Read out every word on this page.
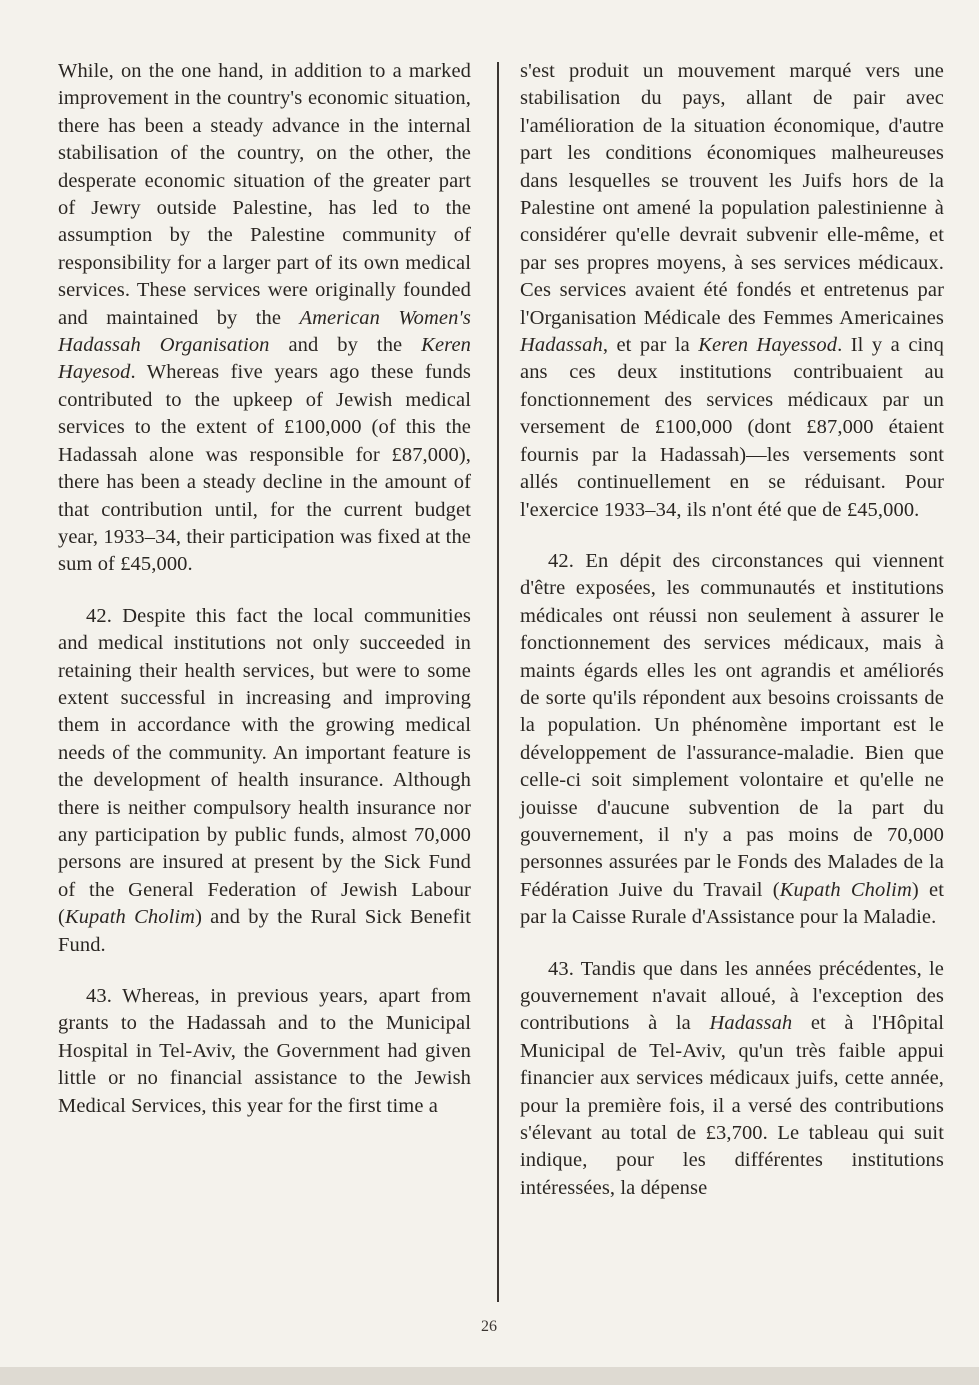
While, on the one hand, in addition to a marked improvement in the country's economic situation, there has been a steady advance in the internal stabilisation of the country, on the other, the desperate economic situation of the greater part of Jewry outside Palestine, has led to the assumption by the Palestine community of responsibility for a larger part of its own medical services. These services were originally founded and maintained by the American Women's Hadassah Organisation and by the Keren Hayesod. Whereas five years ago these funds contributed to the upkeep of Jewish medical services to the extent of £100,000 (of this the Hadassah alone was responsible for £87,000), there has been a steady decline in the amount of that contribution until, for the current budget year, 1933–34, their participation was fixed at the sum of £45,000.

42. Despite this fact the local communities and medical institutions not only succeeded in retaining their health services, but were to some extent successful in increasing and improving them in accordance with the growing medical needs of the community. An important feature is the development of health insurance. Although there is neither compulsory health insurance nor any participation by public funds, almost 70,000 persons are insured at present by the Sick Fund of the General Federation of Jewish Labour (Kupath Cholim) and by the Rural Sick Benefit Fund.

43. Whereas, in previous years, apart from grants to the Hadassah and to the Municipal Hospital in Tel-Aviv, the Government had given little or no financial assistance to the Jewish Medical Services, this year for the first time a

s'est produit un mouvement marqué vers une stabilisation du pays, allant de pair avec l'amélioration de la situation économique, d'autre part les conditions économiques malheureuses dans lesquelles se trouvent les Juifs hors de la Palestine ont amené la population palestinienne à considérer qu'elle devrait subvenir elle-même, et par ses propres moyens, à ses services médicaux. Ces services avaient été fondés et entretenus par l'Organisation Médicale des Femmes Americaines Hadassah, et par la Keren Hayessod. Il y a cinq ans ces deux institutions contribuaient au fonctionnement des services médicaux par un versement de £100,000 (dont £87,000 étaient fournis par la Hadassah)—les versements sont allés continuellement en se réduisant. Pour l'exercice 1933–34, ils n'ont été que de £45,000.

42. En dépit des circonstances qui viennent d'être exposées, les communautés et institutions médicales ont réussi non seulement à assurer le fonctionnement des services médicaux, mais à maints égards elles les ont agrandis et améliorés de sorte qu'ils répondent aux besoins croissants de la population. Un phénomène important est le développement de l'assurance-maladie. Bien que celle-ci soit simplement volontaire et qu'elle ne jouisse d'aucune subvention de la part du gouvernement, il n'y a pas moins de 70,000 personnes assurées par le Fonds des Malades de la Fédération Juive du Travail (Kupath Cholim) et par la Caisse Rurale d'Assistance pour la Maladie.

43. Tandis que dans les années précédentes, le gouvernement n'avait alloué, à l'exception des contributions à la Hadassah et à l'Hôpital Municipal de Tel-Aviv, qu'un très faible appui financier aux services médicaux juifs, cette année, pour la première fois, il a versé des contributions s'élevant au total de £3,700. Le tableau qui suit indique, pour les différentes institutions intéressées, la dépense

26
